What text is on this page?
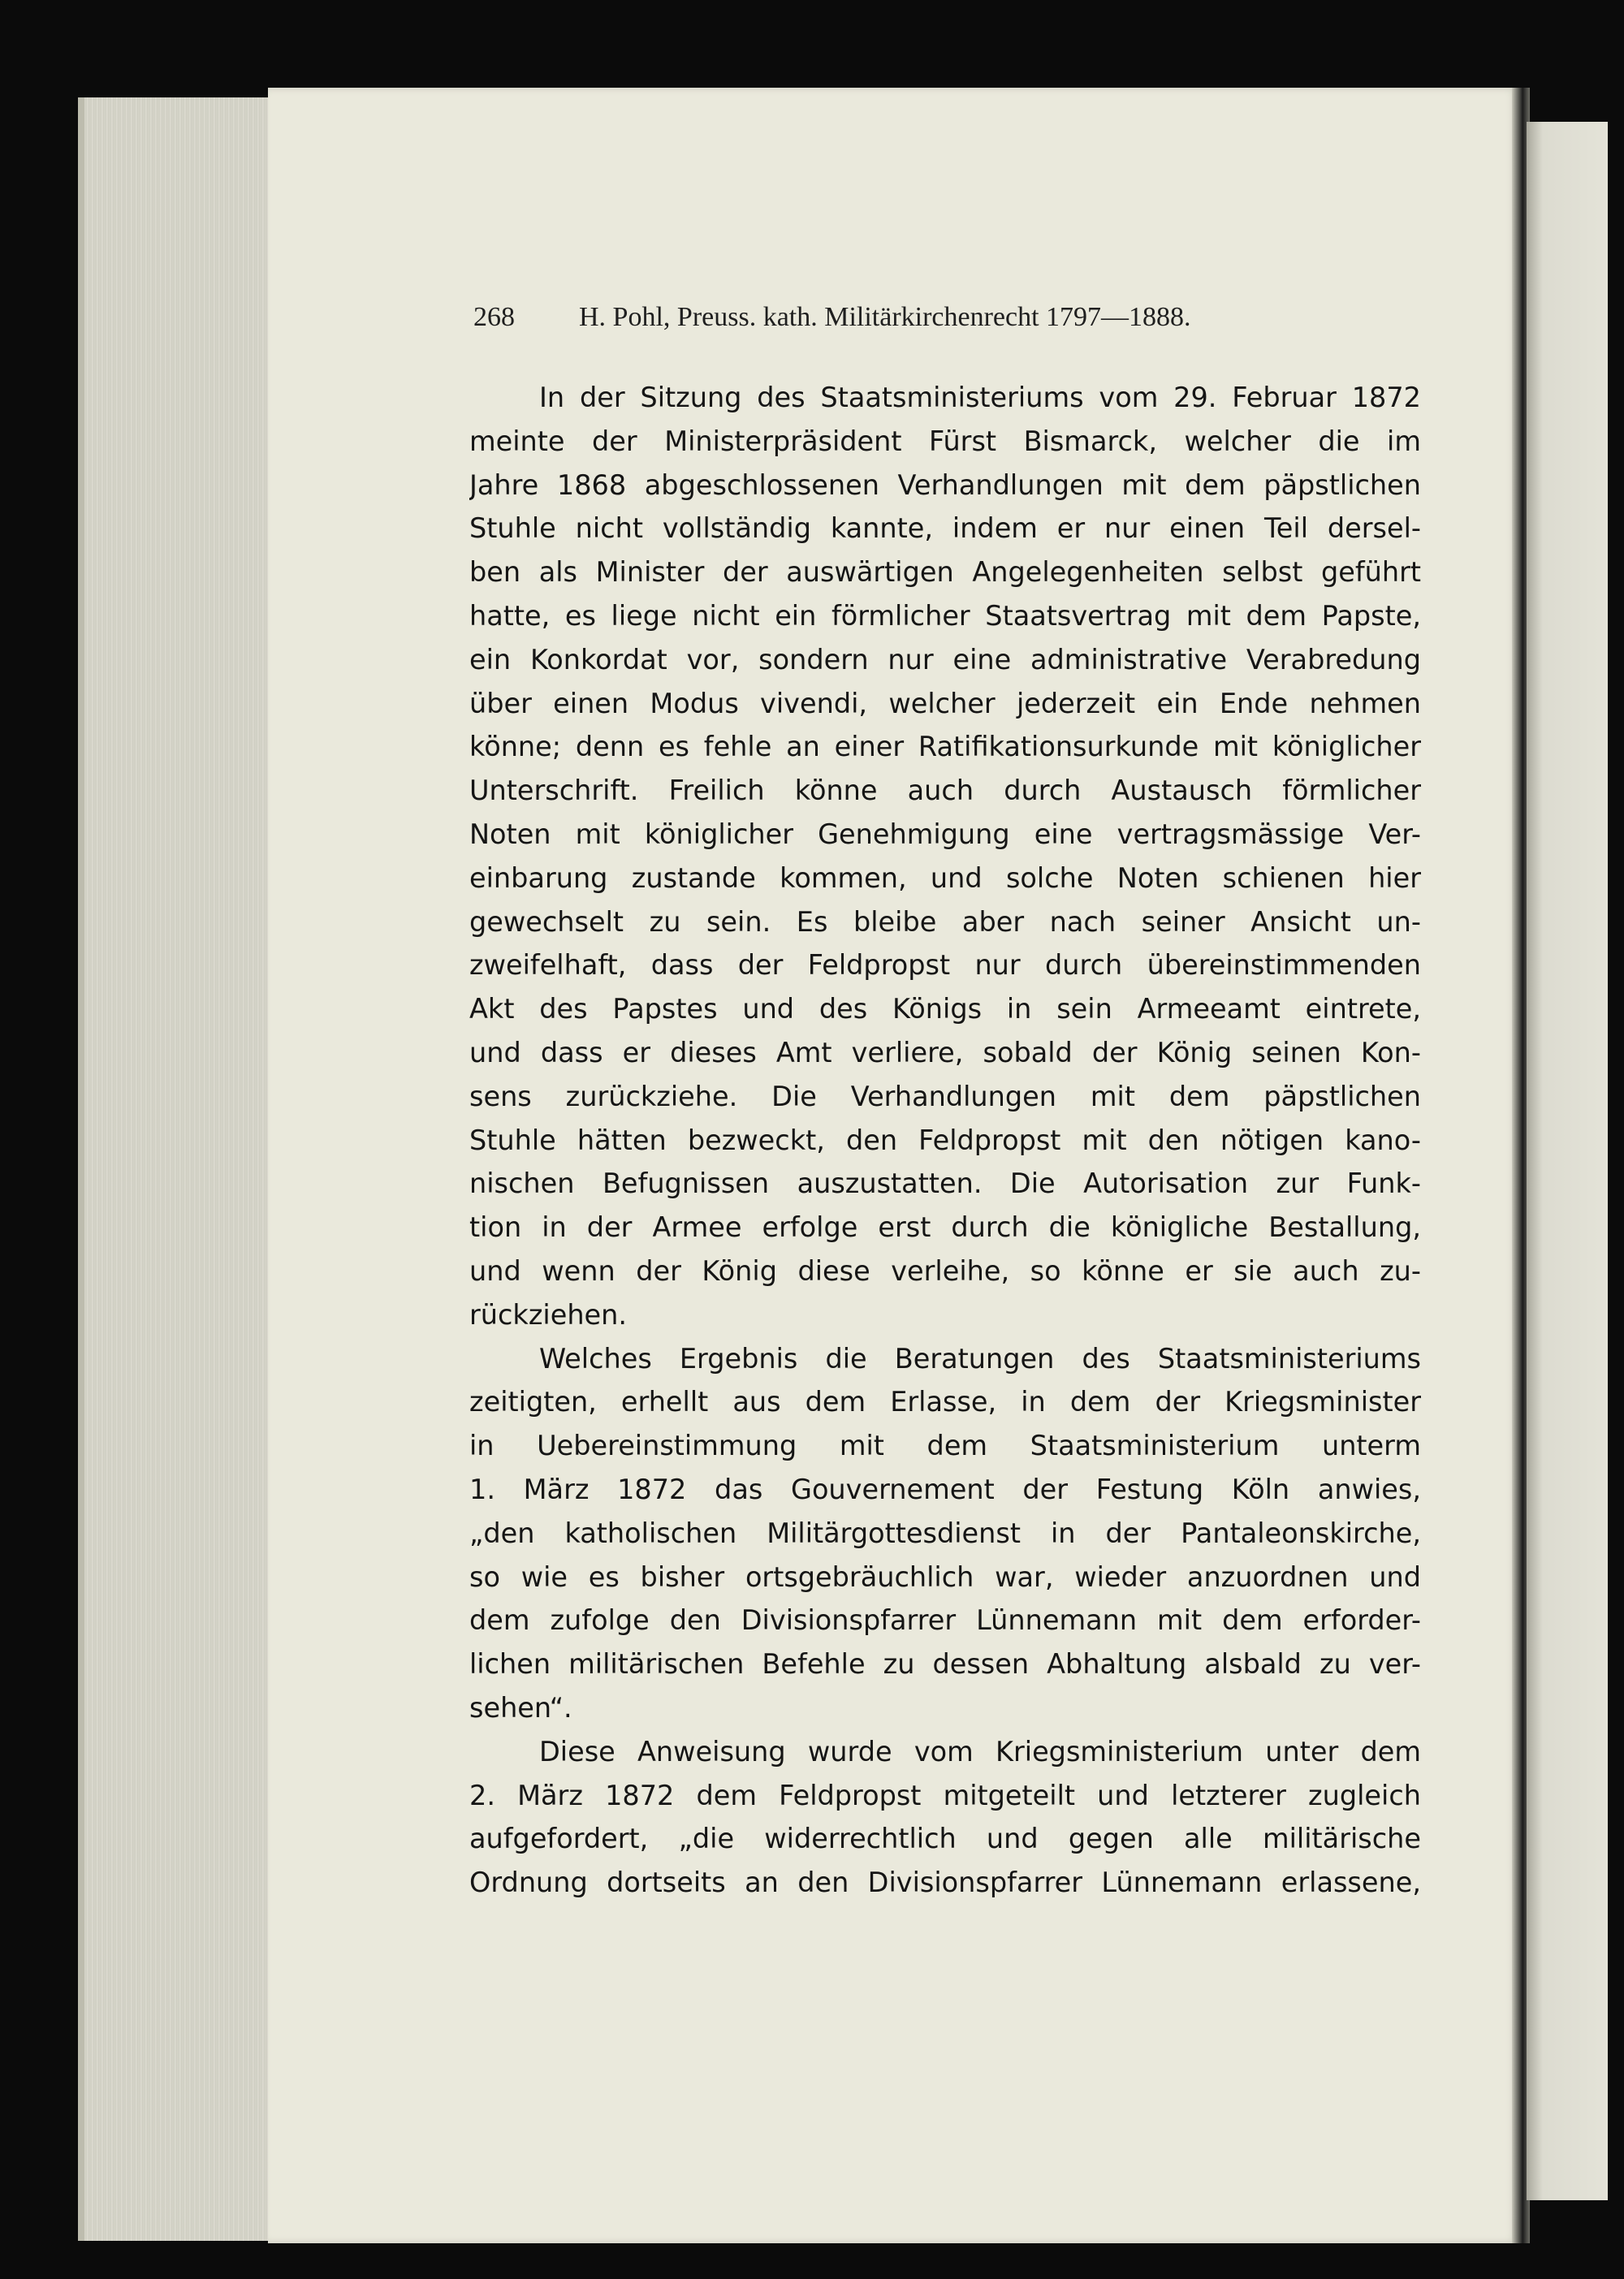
268 H. Pohl, Preuss. kath. Militärkirchenrecht 1797—1888.
In der Sitzung des Staatsministeriums vom 29. Februar 1872
meinte der Ministerpräsident Fürst Bismarck, welcher die im
Jahre 1868 abgeschlossenen Verhandlungen mit dem päpstlichen
Stuhle nicht vollständig kannte, indem er nur einen Teil dersel-
ben als Minister der auswärtigen Angelegenheiten selbst geführt
hatte, es liege nicht ein förmlicher Staatsvertrag mit dem Papste,
ein Konkordat vor, sondern nur eine administrative Verabredung
über einen Modus vivendi, welcher jederzeit ein Ende nehmen
könne; denn es fehle an einer Ratifikationsurkunde mit königlicher
Unterschrift. Freilich könne auch durch Austausch förmlicher
Noten mit königlicher Genehmigung eine vertragsmässige Ver-
einbarung zustande kommen, und solche Noten schienen hier
gewechselt zu sein. Es bleibe aber nach seiner Ansicht un-
zweifelhaft, dass der Feldpropst nur durch übereinstimmenden
Akt des Papstes und des Königs in sein Armeeamt eintrete,
und dass er dieses Amt verliere, sobald der König seinen Kon-
sens zurückziehe. Die Verhandlungen mit dem päpstlichen
Stuhle hätten bezweckt, den Feldpropst mit den nötigen kano-
nischen Befugnissen auszustatten. Die Autorisation zur Funk-
tion in der Armee erfolge erst durch die königliche Bestallung,
und wenn der König diese verleihe, so könne er sie auch zu-
rückziehen.
Welches Ergebnis die Beratungen des Staatsministeriums
zeitigten, erhellt aus dem Erlasse, in dem der Kriegsminister
in Uebereinstimmung mit dem Staatsministerium unterm
1. März 1872 das Gouvernement der Festung Köln anwies,
„den katholischen Militärgottesdienst in der Pantaleonskirche,
so wie es bisher ortsgebräuchlich war, wieder anzuordnen und
dem zufolge den Divisionspfarrer Lünnemann mit dem erforder-
lichen militärischen Befehle zu dessen Abhaltung alsbald zu ver-
sehen“.
Diese Anweisung wurde vom Kriegsministerium unter dem
2. März 1872 dem Feldpropst mitgeteilt und letzterer zugleich
aufgefordert, „die widerrechtlich und gegen alle militärische
Ordnung dortseits an den Divisionspfarrer Lünnemann erlassene,
